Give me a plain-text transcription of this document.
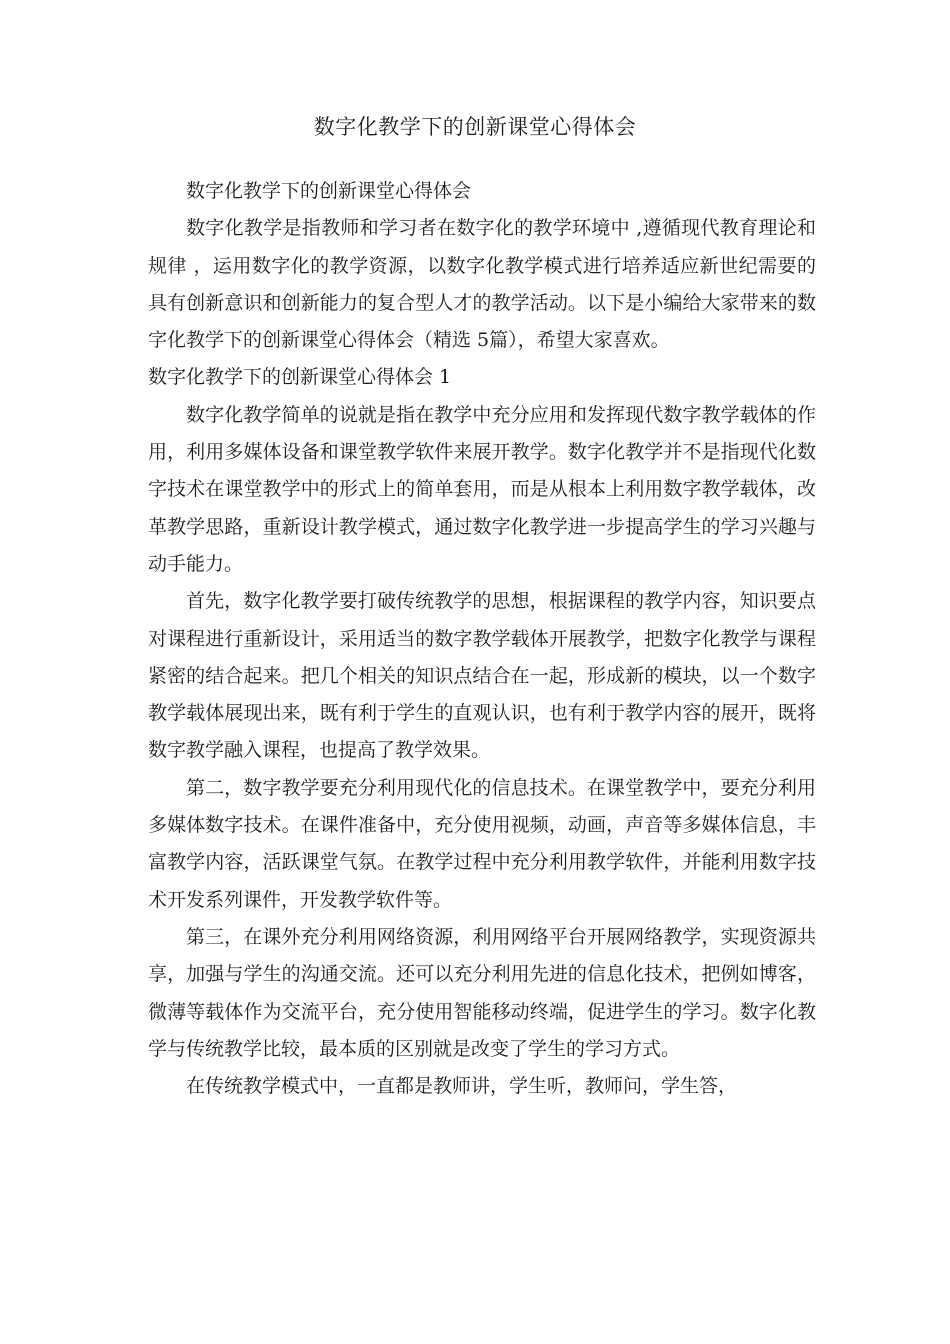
数字化教学下的创新课堂心得体会

数字化教学下的创新课堂心得体会

数字化教学是指教师和学习者在数字化的教学环境中 ,遵循现代教育理论和规律 ，运用数字化的教学资源，以数字化教学模式进行培养适应新世纪需要的具有创新意识和创新能力的复合型人才的教学活动。以下是小编给大家带来的数字化教学下的创新课堂心得体会（精选 5篇），希望大家喜欢。

数字化教学下的创新课堂心得体会 1

数字化教学简单的说就是指在教学中充分应用和发挥现代数字教学载体的作用，利用多媒体设备和课堂教学软件来展开教学。数字化教学并不是指现代化数字技术在课堂教学中的形式上的简单套用，而是从根本上利用数字教学载体，改革教学思路，重新设计教学模式，通过数字化教学进一步提高学生的学习兴趣与动手能力。

首先，数字化教学要打破传统教学的思想，根据课程的教学内容，知识要点对课程进行重新设计，采用适当的数字教学载体开展教学，把数字化教学与课程紧密的结合起来。把几个相关的知识点结合在一起，形成新的模块，以一个数字教学载体展现出来，既有利于学生的直观认识，也有利于教学内容的展开，既将数字教学融入课程，也提高了教学效果。

第二，数字教学要充分利用现代化的信息技术。在课堂教学中，要充分利用多媒体数字技术。在课件准备中，充分使用视频，动画，声音等多媒体信息，丰富教学内容，活跃课堂气氛。在教学过程中充分利用教学软件，并能利用数字技术开发系列课件，开发教学软件等。

第三，在课外充分利用网络资源，利用网络平台开展网络教学，实现资源共享，加强与学生的沟通交流。还可以充分利用先进的信息化技术，把例如博客，微薄等载体作为交流平台，充分使用智能移动终端，促进学生的学习。数字化教学与传统教学比较，最本质的区别就是改变了学生的学习方式。

在传统教学模式中，一直都是教师讲，学生听，教师问，学生答，
